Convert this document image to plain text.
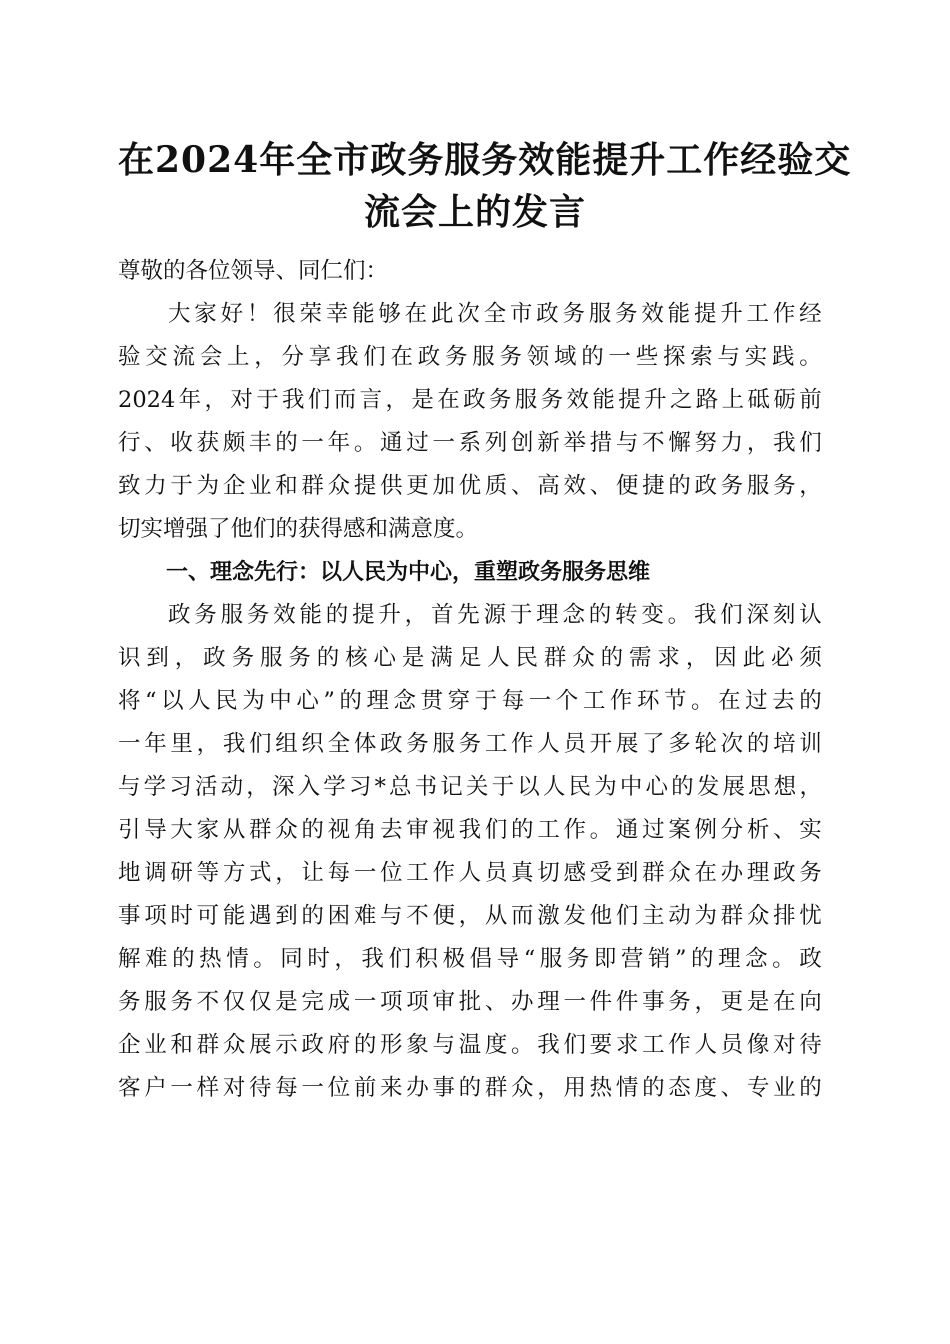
在2024年全市政务服务效能提升工作经验交
流会上的发言
尊敬的各位领导、同仁们：
大 家 好 ！ 很 荣 幸 能 够 在 此 次 全 市 政 务 服 务 效 能 提 升 工 作 经
验 交 流 会 上 ， 分 享 我 们 在 政 务 服 务 领 域 的 一 些 探 索 与 实 践 。
2024 年 ， 对 于 我 们 而 言 ， 是 在 政 务 服 务 效 能 提 升 之 路 上 砥 砺 前
行 、 收 获 颇 丰 的 一 年 。 通 过 一 系 列 创 新 举 措 与 不 懈 努 力 ， 我 们
致 力 于 为 企 业 和 群 众 提 供 更 加 优 质 、 高 效 、 便 捷 的 政 务 服 务 ，
切实增强了他们的获得感和满意度。
一、理念先行：以人民为中心，重塑政务服务思维
政 务 服 务 效 能 的 提 升 ， 首 先 源 于 理 念 的 转 变 。 我 们 深 刻 认
识 到 ， 政 务 服 务 的 核 心 是 满 足 人 民 群 众 的 需 求 ， 因 此 必 须
将 “ 以 人 民 为 中 心 ” 的 理 念 贯 穿 于 每 一 个 工 作 环 节 。 在 过 去 的
一 年 里 ， 我 们 组 织 全 体 政 务 服 务 工 作 人 员 开 展 了 多 轮 次 的 培 训
与 学 习 活 动 ， 深 入 学 习 * 总 书 记 关 于 以 人 民 为 中 心 的 发 展 思 想 ，
引 导 大 家 从 群 众 的 视 角 去 审 视 我 们 的 工 作 。 通 过 案 例 分 析 、 实
地 调 研 等 方 式 ， 让 每 一 位 工 作 人 员 真 切 感 受 到 群 众 在 办 理 政 务
事 项 时 可 能 遇 到 的 困 难 与 不 便 ， 从 而 激 发 他 们 主 动 为 群 众 排 忧
解 难 的 热 情 。 同 时 ， 我 们 积 极 倡 导 “ 服 务 即 营 销 ” 的 理 念 。 政
务 服 务 不 仅 仅 是 完 成 一 项 项 审 批 、 办 理 一 件 件 事 务 ， 更 是 在 向
企 业 和 群 众 展 示 政 府 的 形 象 与 温 度 。 我 们 要 求 工 作 人 员 像 对 待
客 户 一 样 对 待 每 一 位 前 来 办 事 的 群 众 ， 用 热 情 的 态 度 、 专 业 的
